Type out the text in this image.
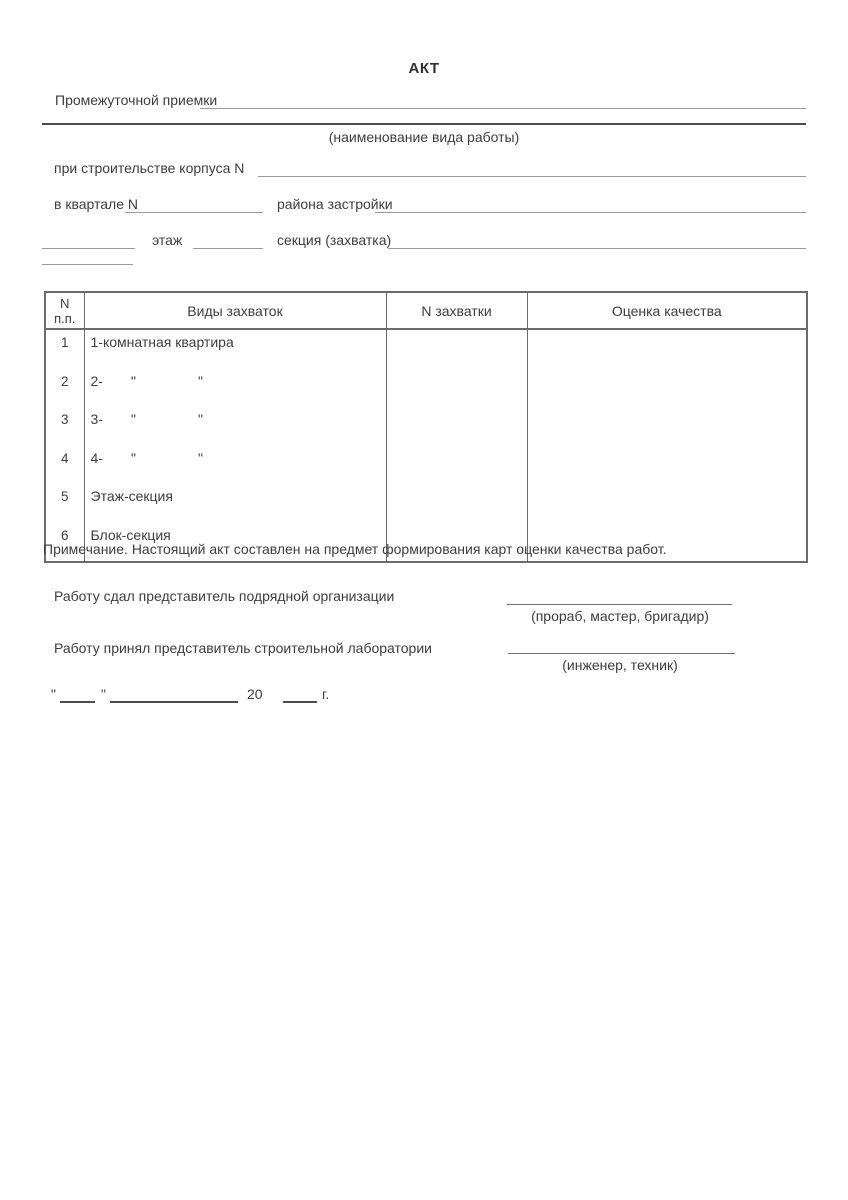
АКТ
Промежуточной приемки
(наименование вида работы)
при строительстве корпуса N
в квартале N	района застройки
этаж	секция (захватка)
N
п.п.	Виды захваток	N захватки	Оценка качества
1	1-комнатная квартира		
2	2- " "		
3	3- " "		
4	4- " "		
5	Этаж-секция		
6	Блок-секция		
Примечание. Настоящий акт составлен на предмет формирования карт оценки качества работ.
Работу сдал представитель подрядной организации
(прораб, мастер, бригадир)
Работу принял представитель строительной лаборатории
(инженер, техник)
"	"	20	г.
